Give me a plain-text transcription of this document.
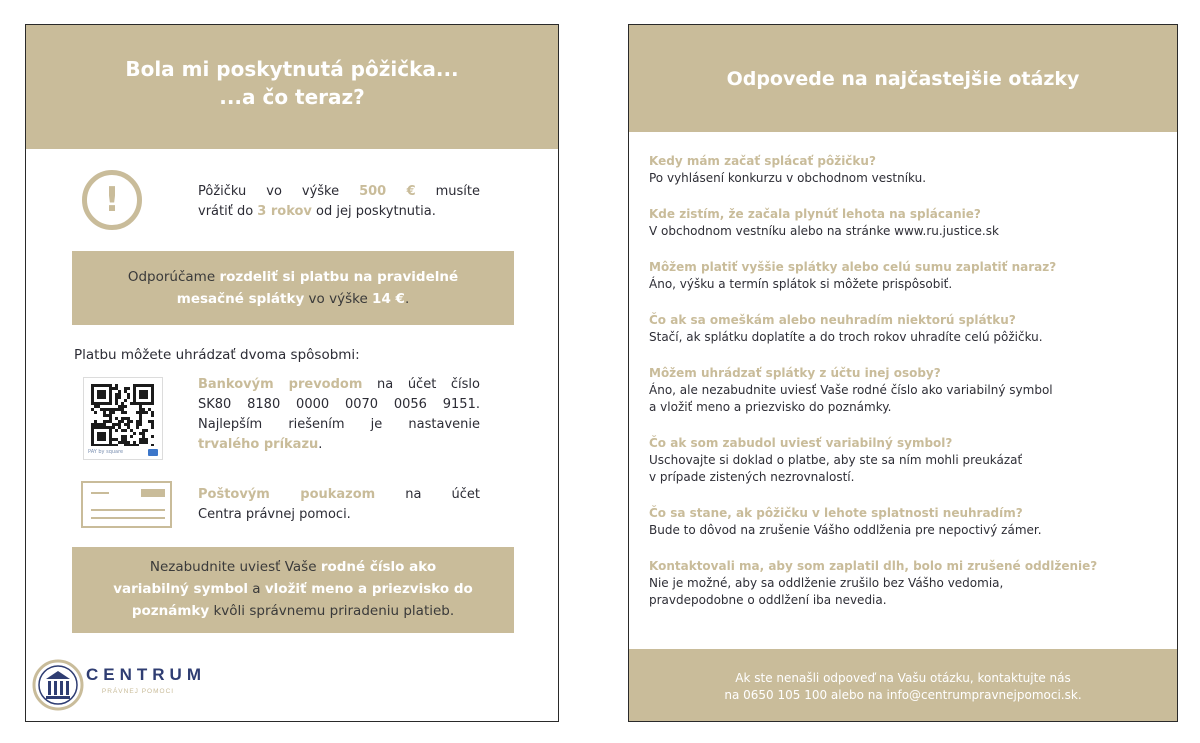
Bola mi poskytnutá pôžička...
...a čo teraz?
!	Pôžičku vo výške 500 € musíte
vrátiť do 3 rokov od jej poskytnutia.
Odporúčame rozdeliť si platbu na pravidelné
mesačné splátky vo výške 14 €.
Platbu môžete uhrádzať dvoma spôsobmi:
PAY by square
Bankovým prevodom na účet číslo
SK80 8180 0000 0070 0056 9151.
Najlepším riešením je nastavenie
trvalého príkazu.
Poštovým poukazom na účet
Centra právnej pomoci.
Nezabudnite uviesť Vaše rodné číslo ako
variabilný symbol a vložiť meno a priezvisko do
poznámky kvôli správnemu priradeniu platieb.
CENTRUM
PRÁVNEJ POMOCI
Odpovede na najčastejšie otázky
Kedy mám začať splácať pôžičku?
Po vyhlásení konkurzu v obchodnom vestníku.
Kde zistím, že začala plynúť lehota na splácanie?
V obchodnom vestníku alebo na stránke www.ru.justice.sk
Môžem platiť vyššie splátky alebo celú sumu zaplatiť naraz?
Áno, výšku a termín splátok si môžete prispôsobiť.
Čo ak sa omeškám alebo neuhradím niektorú splátku?
Stačí, ak splátku doplatíte a do troch rokov uhradíte celú pôžičku.
Môžem uhrádzať splátky z účtu inej osoby?
Áno, ale nezabudnite uviesť Vaše rodné číslo ako variabilný symbol
a vložiť meno a priezvisko do poznámky.
Čo ak som zabudol uviesť variabilný symbol?
Uschovajte si doklad o platbe, aby ste sa ním mohli preukázať
v prípade zistených nezrovnalostí.
Čo sa stane, ak pôžičku v lehote splatnosti neuhradím?
Bude to dôvod na zrušenie Vášho oddlženia pre nepoctivý zámer.
Kontaktovali ma, aby som zaplatil dlh, bolo mi zrušené oddlženie?
Nie je možné, aby sa oddlženie zrušilo bez Vášho vedomia,
pravdepodobne o oddlžení iba nevedia.
Ak ste nenašli odpoveď na Vašu otázku, kontaktujte nás
na 0650 105 100 alebo na info@centrumpravnejpomoci.sk.
